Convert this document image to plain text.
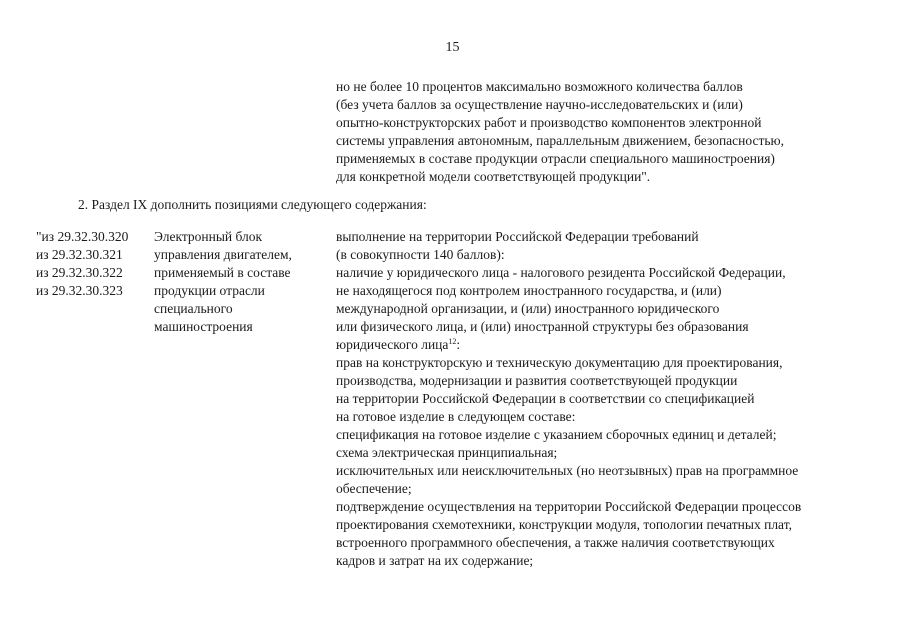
15
но не более 10 процентов максимально возможного количества баллов
(без учета баллов за осуществление научно-исследовательских и (или)
опытно-конструкторских работ и производство компонентов электронной
системы управления автономным, параллельным движением, безопасностью,
применяемых в составе продукции отрасли специального машиностроения)
для конкретной модели соответствующей продукции".
2. Раздел IX дополнить позициями следующего содержания:
"из 29.32.30.320
из 29.32.30.321
из 29.32.30.322
из 29.32.30.323
Электронный блок
управления двигателем,
применяемый в составе
продукции отрасли
специального
машиностроения
выполнение на территории Российской Федерации требований
(в совокупности 140 баллов):
наличие у юридического лица - налогового резидента Российской Федерации,
не находящегося под контролем иностранного государства, и (или)
международной организации, и (или) иностранного юридического
или физического лица, и (или) иностранной структуры без образования
юридического лица$^{12}$:
прав на конструкторскую и техническую документацию для проектирования,
производства, модернизации и развития соответствующей продукции
на территории Российской Федерации в соответствии со спецификацией
на готовое изделие в следующем составе:
спецификация на готовое изделие с указанием сборочных единиц и деталей;
схема электрическая принципиальная;
исключительных или неисключительных (но неотзывных) прав на программное
обеспечение;
подтверждение осуществления на территории Российской Федерации процессов
проектирования схемотехники, конструкции модуля, топологии печатных плат,
встроенного программного обеспечения, а также наличия соответствующих
кадров и затрат на их содержание;
